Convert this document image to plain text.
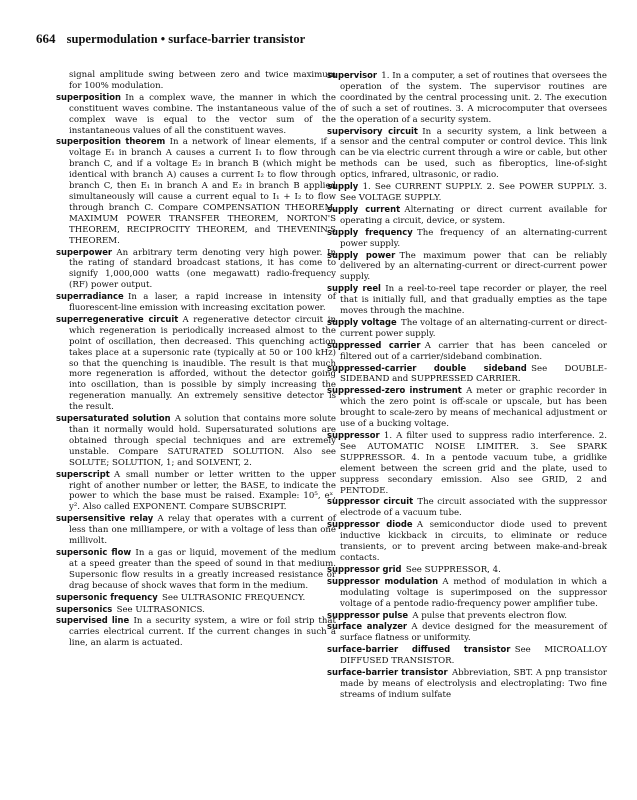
664 supermodulation • surface-barrier transistor

signal amplitude swing between zero and twice maximum for 100% modulation.

superposition  In a complex wave, the manner in which the constituent waves combine. The instantaneous value of the complex wave is equal to the vector sum of the instantaneous values of all the constituent waves.

superposition theorem  In a network of linear elements, if a voltage E₁ in branch A causes a current I₁ to flow through branch C, and if a voltage E₂ in branch B (which might be identical with branch A) causes a current I₂ to flow through branch C, then E₁ in branch A and E₂ in branch B applied simultaneously will cause a current equal to I₁ + I₂ to flow through branch C. Compare COMPENSATION THEOREM, MAXIMUM POWER TRANSFER THEOREM, NORTON'S THEOREM, RECIPROCITY THEOREM, and THEVENIN'S THEOREM.

superpower  An arbitrary term denoting very high power. In the rating of standard broadcast stations, it has come to signify 1,000,000 watts (one megawatt) radio-frequency (RF) power output.

superradiance  In a laser, a rapid increase in intensity of fluorescent-line emission with increasing excitation power.

superregenerative circuit  A regenerative detector circuit in which regeneration is periodically increased almost to the point of oscillation, then decreased. This quenching action takes place at a supersonic rate (typically at 50 or 100 kHz) so that the quenching is inaudible. The result is that much more regeneration is afforded, without the detector going into oscillation, than is possible by simply increasing the regeneration manually. An extremely sensitive detector is the result.

supersaturated solution  A solution that contains more solute than it normally would hold. Supersaturated solutions are obtained through special techniques and are extremely unstable. Compare SATURATED SOLUTION. Also see SOLUTE; SOLUTION, 1; and SOLVENT, 2.

superscript  A small number or letter written to the upper right of another number or letter, the BASE, to indicate the power to which the base must be raised. Example: 10⁵, eˣ, y². Also called EXPONENT. Compare SUBSCRIPT.

supersensitive relay  A relay that operates with a current of less than one milliampere, or with a voltage of less than one millivolt.

supersonic flow  In a gas or liquid, movement of the medium at a speed greater than the speed of sound in that medium. Supersonic flow results in a greatly increased resistance or drag because of shock waves that form in the medium.

supersonic frequency  See ULTRASONIC FREQUENCY.

supersonics  See ULTRASONICS.

supervised line  In a security system, a wire or foil strip that carries electrical current. If the current changes in such a line, an alarm is actuated.

supervisor  1. In a computer, a set of routines that oversees the operation of the system. The supervisor routines are coordinated by the central processing unit. 2. The execution of such a set of routines. 3. A microcomputer that oversees the operation of a security system.

supervisory circuit  In a security system, a link between a sensor and the central computer or control device. This link can be via electric current through a wire or cable, but other methods can be used, such as fiberoptics, line-of-sight optics, infrared, ultrasonic, or radio.

supply  1. See CURRENT SUPPLY. 2. See POWER SUPPLY. 3. See VOLTAGE SUPPLY.

supply current  Alternating or direct current available for operating a circuit, device, or system.

supply frequency  The frequency of an alternating-current power supply.

supply power  The maximum power that can be reliably delivered by an alternating-current or direct-current power supply.

supply reel  In a reel-to-reel tape recorder or player, the reel that is initially full, and that gradually empties as the tape moves through the machine.

supply voltage  The voltage of an alternating-current or direct-current power supply.

suppressed carrier  A carrier that has been canceled or filtered out of a carrier/sideband combination.

suppressed-carrier double sideband  See DOUBLE-SIDEBAND and SUPPRESSED CARRIER.

suppressed-zero instrument  A meter or graphic recorder in which the zero point is off-scale or upscale, but has been brought to scale-zero by means of mechanical adjustment or use of a bucking voltage.

suppressor  1. A filter used to suppress radio interference. 2. See AUTOMATIC NOISE LIMITER. 3. See SPARK SUPPRESSOR. 4. In a pentode vacuum tube, a gridlike element between the screen grid and the plate, used to suppress secondary emission. Also see GRID, 2 and PENTODE.

suppressor circuit  The circuit associated with the suppressor electrode of a vacuum tube.

suppressor diode  A semiconductor diode used to prevent inductive kickback in circuits, to eliminate or reduce transients, or to prevent arcing between make-and-break contacts.

suppressor grid  See SUPPRESSOR, 4.

suppressor modulation  A method of modulation in which a modulating voltage is superimposed on the suppressor voltage of a pentode radio-frequency power amplifier tube.

suppressor pulse  A pulse that prevents electron flow.

surface analyzer  A device designed for the measurement of surface flatness or uniformity.

surface-barrier diffused transistor  See MICROALLOY DIFFUSED TRANSISTOR.

surface-barrier transistor  Abbreviation, SBT. A pnp transistor made by means of electrolysis and electroplating: Two fine streams of indium sulfate
